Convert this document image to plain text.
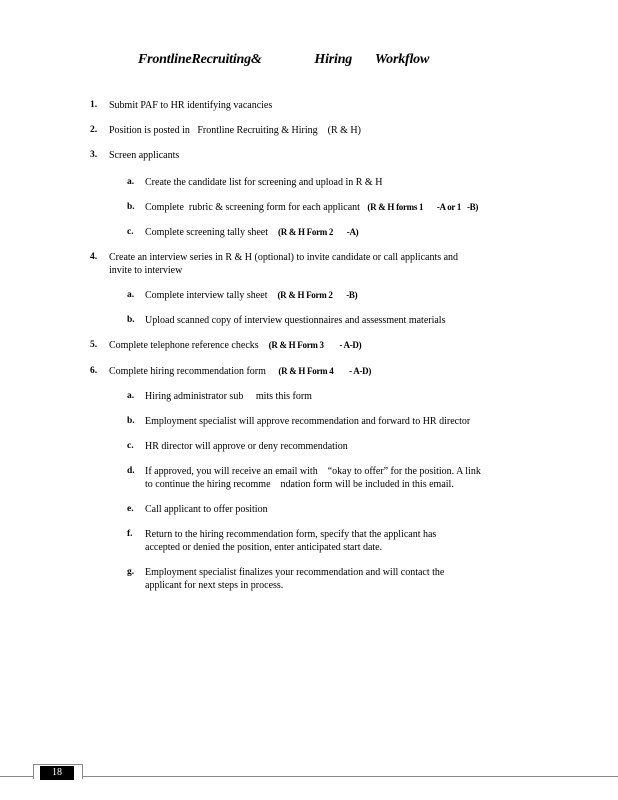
FrontlineRecruiting&                Hiring       Workflow
1. Submit PAF to HR identifying vacancies
2. Position is posted in   Frontline Recruiting & Hiring    (R & H)
3. Screen applicants
a. Create the candidate list for screening and upload in R & H
b. Complete  rubric & screening form for each applicant   (R & H forms 1       -A or 1   -B)
c. Complete screening tally sheet    (R & H Form 2       -A)
4. Create an interview series in R & H (optional) to invite candidate or call applicants and
invite to interview
a. Complete interview tally sheet    (R & H Form 2       -B)
b. Upload scanned copy of interview questionnaires and assessment materials
5. Complete telephone reference checks    (R & H Form 3        - A-D)
6. Complete hiring recommendation form     (R & H Form 4        - A-D)
a. Hiring administrator sub     mits this form
b. Employment specialist will approve recommendation and forward to HR director
c. HR director will approve or deny recommendation
d. If approved, you will receive an email with    “okay to offer” for the position. A link
to continue the hiring recomme    ndation form will be included in this email.
e. Call applicant to offer position
f. Return to the hiring recommendation form, specify that the applicant has
accepted or denied the position, enter anticipated start date.
g. Employment specialist finalizes your recommendation and will contact the
applicant for next steps in process.
18
